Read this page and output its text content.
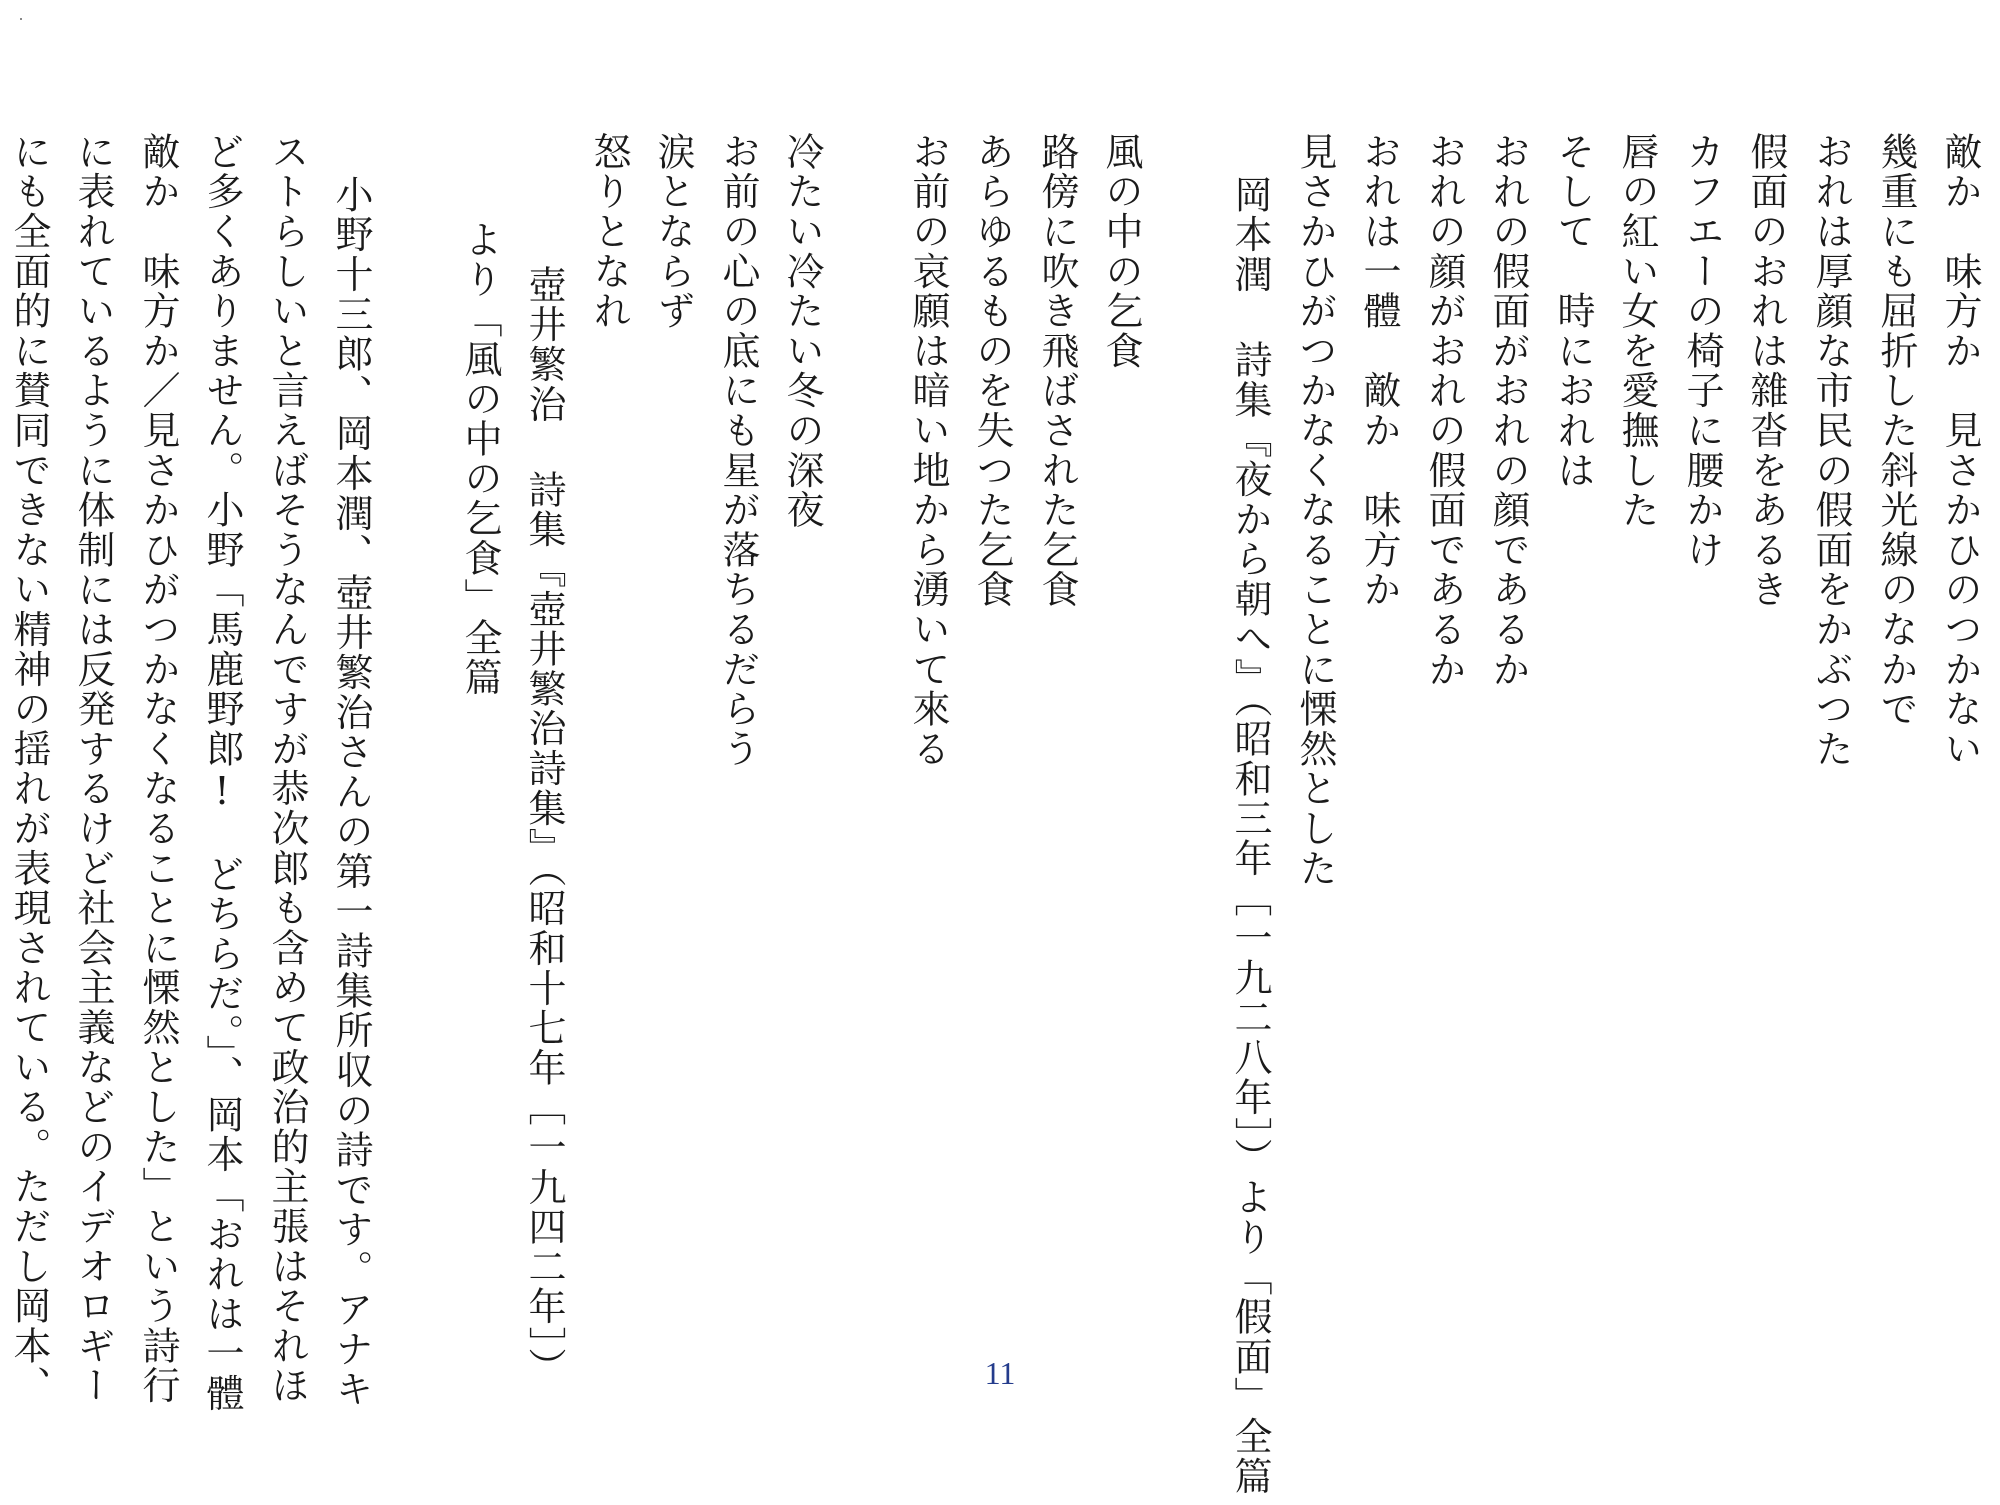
敵か　味方か　見さかひのつかない
幾重にも屈折した斜光線のなかで
おれは厚顔な市民の假面をかぶつた
假面のおれは雜沓をあるき
カフエーの椅子に腰かけ
唇の紅い女を愛撫した
そして　時におれは
おれの假面がおれの顔であるか
おれの顔がおれの假面であるか
おれは一體　敵か　味方か
見さかひがつかなくなることに慄然とした
岡本潤 詩集『夜から朝へ』（昭和三年［一九二八年］）より「假面」全篇
風の中の乞食
路傍に吹き飛ばされた乞食
あらゆるものを失つた乞食
お前の哀願は暗い地から湧いて來る
冷たい冷たい冬の深夜
お前の心の底にも星が落ちるだらう
涙とならず
怒りとなれ
壺井繁治 詩集『壺井繁治詩集』（昭和十七年［一九四二年］）
より「風の中の乞食」全篇
小野十三郎、岡本潤、壺井繁治さんの第一詩集所収の詩です。アナキ
ストらしいと言えばそうなんですが恭次郎も含めて政治的主張はそれほ
ど多くありません。小野「馬鹿野郎!　どちらだ。」、岡本「おれは一體
敵か　味方か／見さかひがつかなくなることに慄然とした」という詩行
に表れているように体制には反発するけど社会主義などのイデオロギー
にも全面的に賛同できない精神の揺れが表現されている。ただし岡本、	11
